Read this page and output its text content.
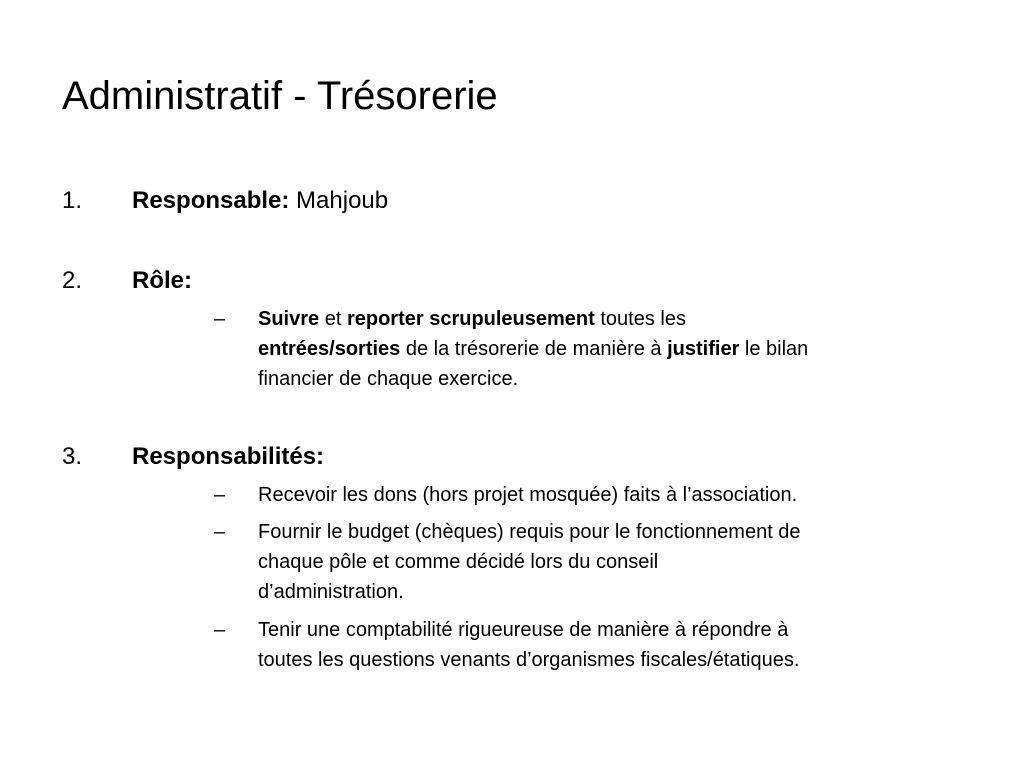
Administratif - Trésorerie
1. Responsable: Mahjoub
2. Rôle:
– Suivre et reporter scrupuleusement toutes les
entrées/sorties de la trésorerie de manière à justifier le bilan
financier de chaque exercice.
3. Responsabilités:
– Recevoir les dons (hors projet mosquée) faits à l’association.
– Fournir le budget (chèques) requis pour le fonctionnement de
chaque pôle et comme décidé lors du conseil
d’administration.
– Tenir une comptabilité rigueureuse de manière à répondre à
toutes les questions venants d’organismes fiscales/étatiques.
